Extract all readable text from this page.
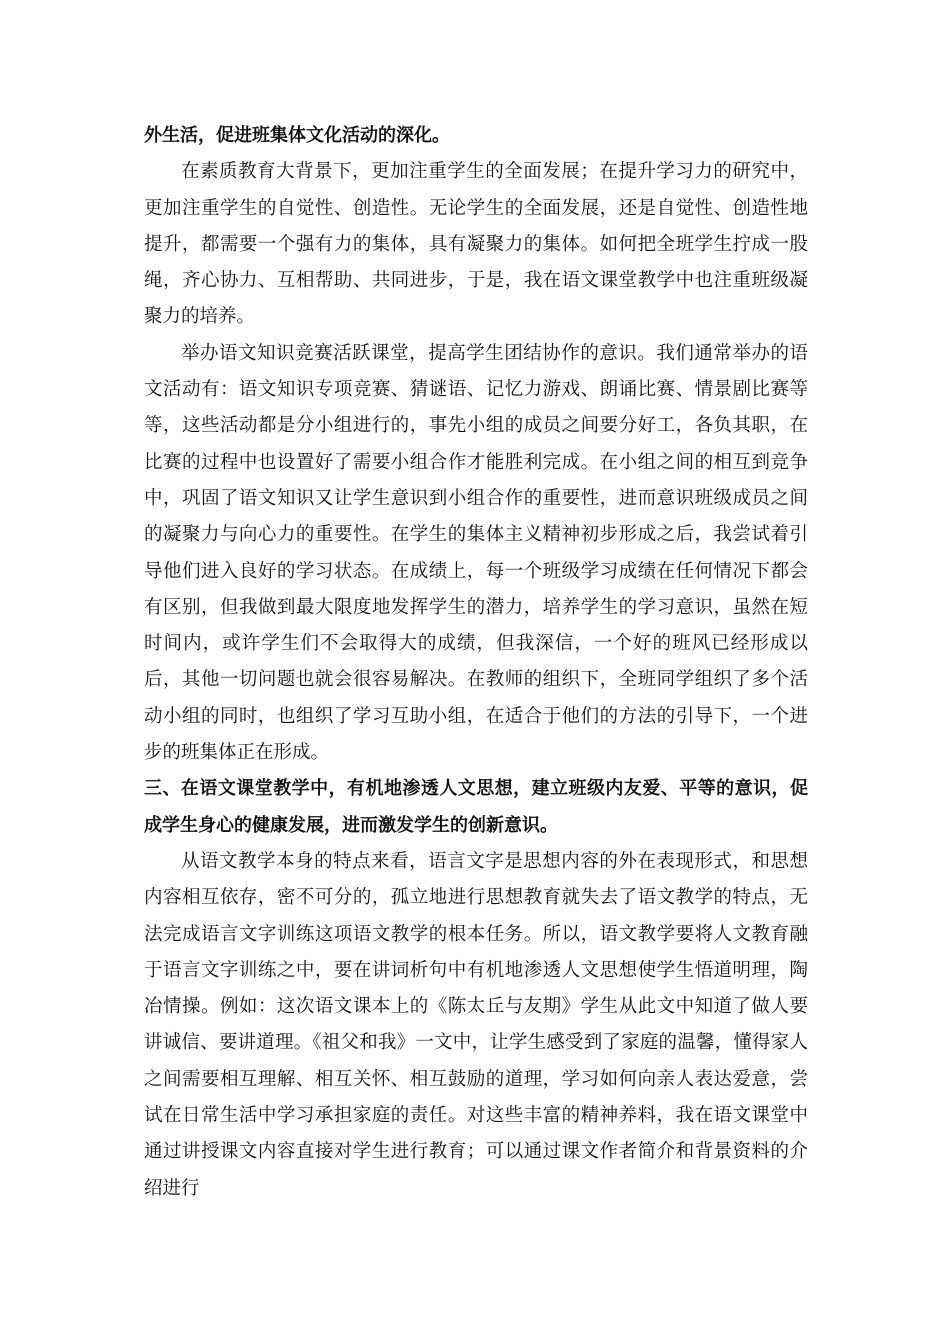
外生活，促进班集体文化活动的深化。

在素质教育大背景下，更加注重学生的全面发展；在提升学习力的研究中，更加注重学生的自觉性、创造性。无论学生的全面发展，还是自觉性、创造性地提升，都需要一个强有力的集体，具有凝聚力的集体。如何把全班学生拧成一股绳，齐心协力、互相帮助、共同进步，于是，我在语文课堂教学中也注重班级凝聚力的培养。

举办语文知识竞赛活跃课堂，提高学生团结协作的意识。我们通常举办的语文活动有：语文知识专项竞赛、猜谜语、记忆力游戏、朗诵比赛、情景剧比赛等等，这些活动都是分小组进行的，事先小组的成员之间要分好工，各负其职，在比赛的过程中也设置好了需要小组合作才能胜利完成。在小组之间的相互到竞争中，巩固了语文知识又让学生意识到小组合作的重要性，进而意识班级成员之间的凝聚力与向心力的重要性。在学生的集体主义精神初步形成之后，我尝试着引导他们进入良好的学习状态。在成绩上，每一个班级学习成绩在任何情况下都会有区别，但我做到最大限度地发挥学生的潜力，培养学生的学习意识，虽然在短时间内，或许学生们不会取得大的成绩，但我深信，一个好的班风已经形成以后，其他一切问题也就会很容易解决。在教师的组织下，全班同学组织了多个活动小组的同时，也组织了学习互助小组，在适合于他们的方法的引导下，一个进步的班集体正在形成。

三、在语文课堂教学中，有机地渗透人文思想，建立班级内友爱、平等的意识，促成学生身心的健康发展，进而激发学生的创新意识。

从语文教学本身的特点来看，语言文字是思想内容的外在表现形式，和思想内容相互依存，密不可分的，孤立地进行思想教育就失去了语文教学的特点，无法完成语言文字训练这项语文教学的根本任务。所以，语文教学要将人文教育融于语言文字训练之中，要在讲词析句中有机地渗透人文思想使学生悟道明理，陶冶情操。例如：这次语文课本上的《陈太丘与友期》学生从此文中知道了做人要讲诚信、要讲道理。《祖父和我》一文中，让学生感受到了家庭的温馨，懂得家人之间需要相互理解、相互关怀、相互鼓励的道理，学习如何向亲人表达爱意，尝试在日常生活中学习承担家庭的责任。对这些丰富的精神养料，我在语文课堂中通过讲授课文内容直接对学生进行教育；可以通过课文作者简介和背景资料的介绍进行
